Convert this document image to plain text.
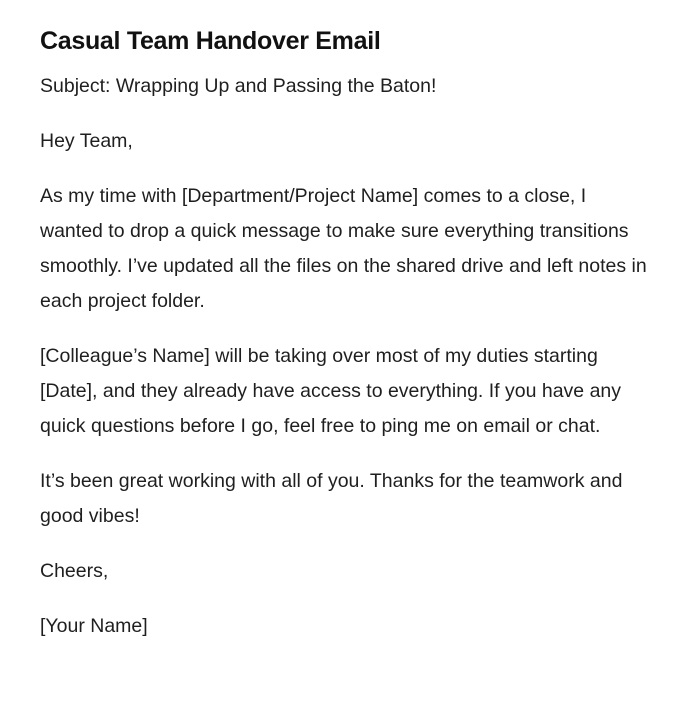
Casual Team Handover Email

Subject: Wrapping Up and Passing the Baton!

Hey Team,

As my time with [Department/Project Name] comes to a close, I wanted to drop a quick message to make sure everything transitions smoothly. I’ve updated all the files on the shared drive and left notes in each project folder.

[Colleague’s Name] will be taking over most of my duties starting [Date], and they already have access to everything. If you have any quick questions before I go, feel free to ping me on email or chat.

It’s been great working with all of you. Thanks for the teamwork and good vibes!

Cheers,

[Your Name]
